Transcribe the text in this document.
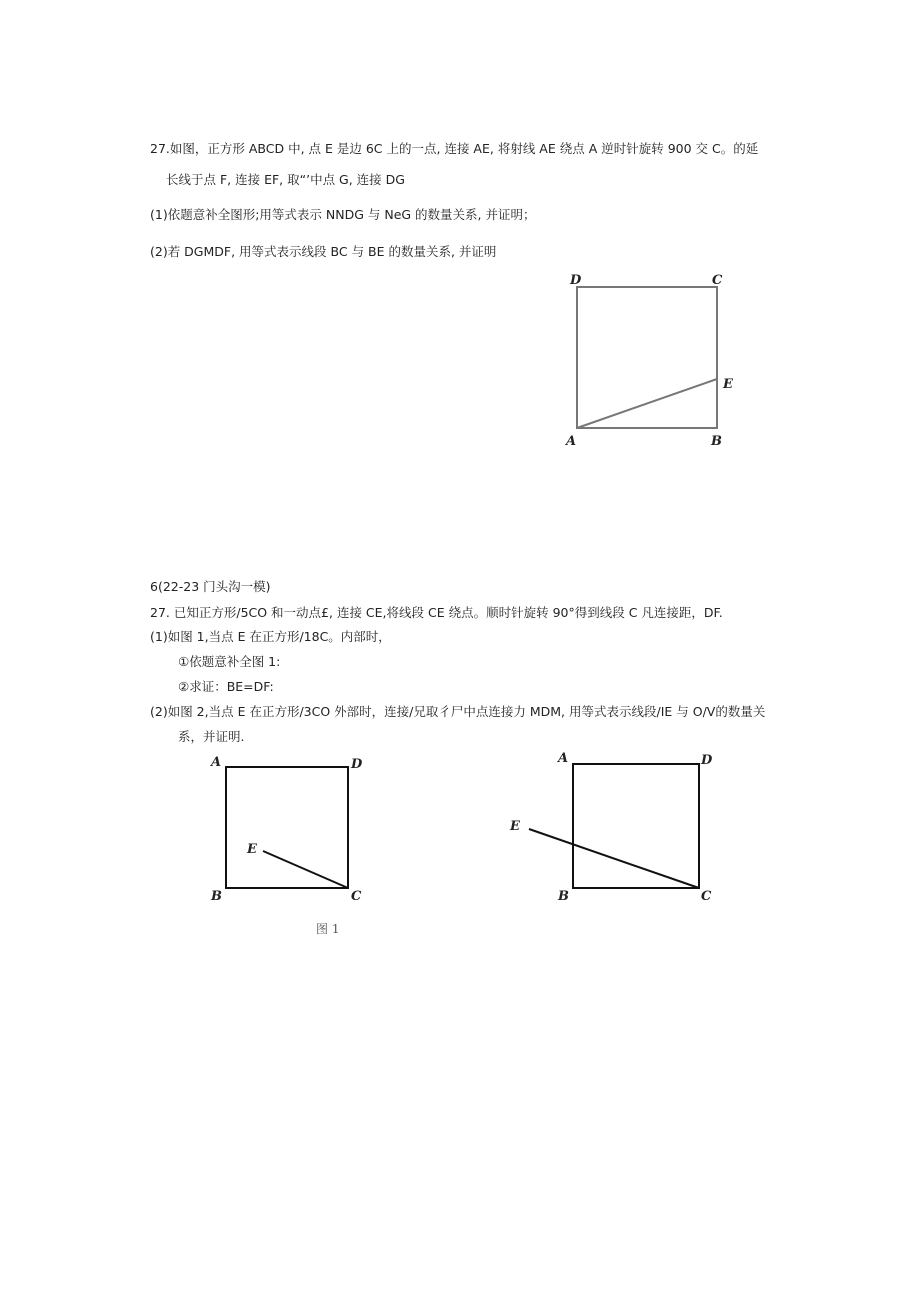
27.如图，正方形 ABCD 中, 点 E 是边 6C 上的一点, 连接 AE, 将射线 AE 绕点 A 逆时针旋转 900 交 C。的延

长线于点 F, 连接 EF, 取“’中点 G, 连接 DG

(1)依题意补全图形;用等式表示 NNDG 与 NeG 的数量关系, 并证明；

(2)若 DGMDF, 用等式表示线段 BC 与 BE 的数量关系, 并证明

D	C
E
A	B

6(22-23 门头沟一模)

27. 已知正方形/5CO 和一动点£, 连接 CE,将线段 CE 绕点。顺时针旋转 90°得到线段 C 凡连接距，DF.

(1)如图 1,当点 E 在正方形/18C。内部时，

①依题意补全图 1:

②求证：BE=DF:

(2)如图 2,当点 E 在正方形/3CO 外部时，连接/兄取彳尸中点连接力 MDM, 用等式表示线段/IE 与 O/V的数量关

系，并证明.

A	D
E
B	C
图 1
A	D
E
B	C
